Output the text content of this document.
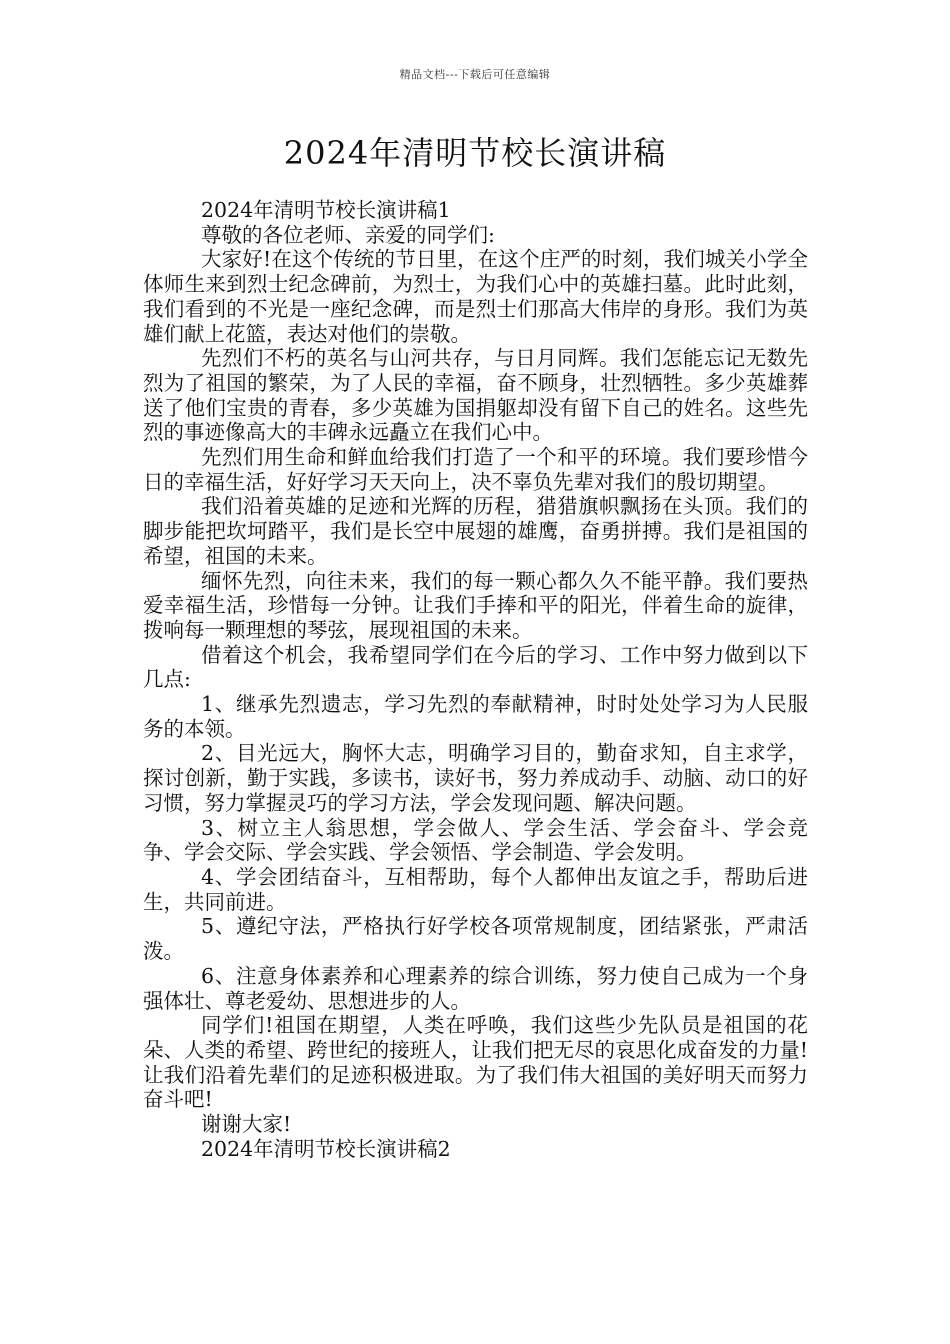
精品文档---下载后可任意编辑
2024年清明节校长演讲稿

2024年清明节校长演讲稿1

尊敬的各位老师、亲爱的同学们:

大家好!在这个传统的节日里，在这个庄严的时刻，我们城关小学全体师生来到烈士纪念碑前，为烈士，为我们心中的英雄扫墓。此时此刻，我们看到的不光是一座纪念碑，而是烈士们那高大伟岸的身形。我们为英雄们献上花篮，表达对他们的崇敬。

先烈们不朽的英名与山河共存，与日月同辉。我们怎能忘记无数先烈为了祖国的繁荣，为了人民的幸福，奋不顾身，壮烈牺牲。多少英雄葬送了他们宝贵的青春，多少英雄为国捐躯却没有留下自己的姓名。这些先烈的事迹像高大的丰碑永远矗立在我们心中。

先烈们用生命和鲜血给我们打造了一个和平的环境。我们要珍惜今日的幸福生活，好好学习天天向上，决不辜负先辈对我们的殷切期望。

我们沿着英雄的足迹和光辉的历程，猎猎旗帜飘扬在头顶。我们的脚步能把坎坷踏平，我们是长空中展翅的雄鹰，奋勇拼搏。我们是祖国的希望，祖国的未来。

缅怀先烈，向往未来，我们的每一颗心都久久不能平静。我们要热爱幸福生活，珍惜每一分钟。让我们手捧和平的阳光，伴着生命的旋律，拨响每一颗理想的琴弦，展现祖国的未来。

借着这个机会，我希望同学们在今后的学习、工作中努力做到以下几点:

1、继承先烈遗志，学习先烈的奉献精神，时时处处学习为人民服务的本领。

2、目光远大，胸怀大志，明确学习目的，勤奋求知，自主求学，探讨创新，勤于实践，多读书，读好书，努力养成动手、动脑、动口的好习惯，努力掌握灵巧的学习方法，学会发现问题、解决问题。

3、树立主人翁思想，学会做人、学会生活、学会奋斗、学会竞争、学会交际、学会实践、学会领悟、学会制造、学会发明。

4、学会团结奋斗，互相帮助，每个人都伸出友谊之手，帮助后进生，共同前进。

5、遵纪守法，严格执行好学校各项常规制度，团结紧张，严肃活泼。

6、注意身体素养和心理素养的综合训练，努力使自己成为一个身强体壮、尊老爱幼、思想进步的人。

同学们!祖国在期望，人类在呼唤，我们这些少先队员是祖国的花朵、人类的希望、跨世纪的接班人，让我们把无尽的哀思化成奋发的力量!让我们沿着先辈们的足迹积极进取。为了我们伟大祖国的美好明天而努力奋斗吧!

谢谢大家!

2024年清明节校长演讲稿2
